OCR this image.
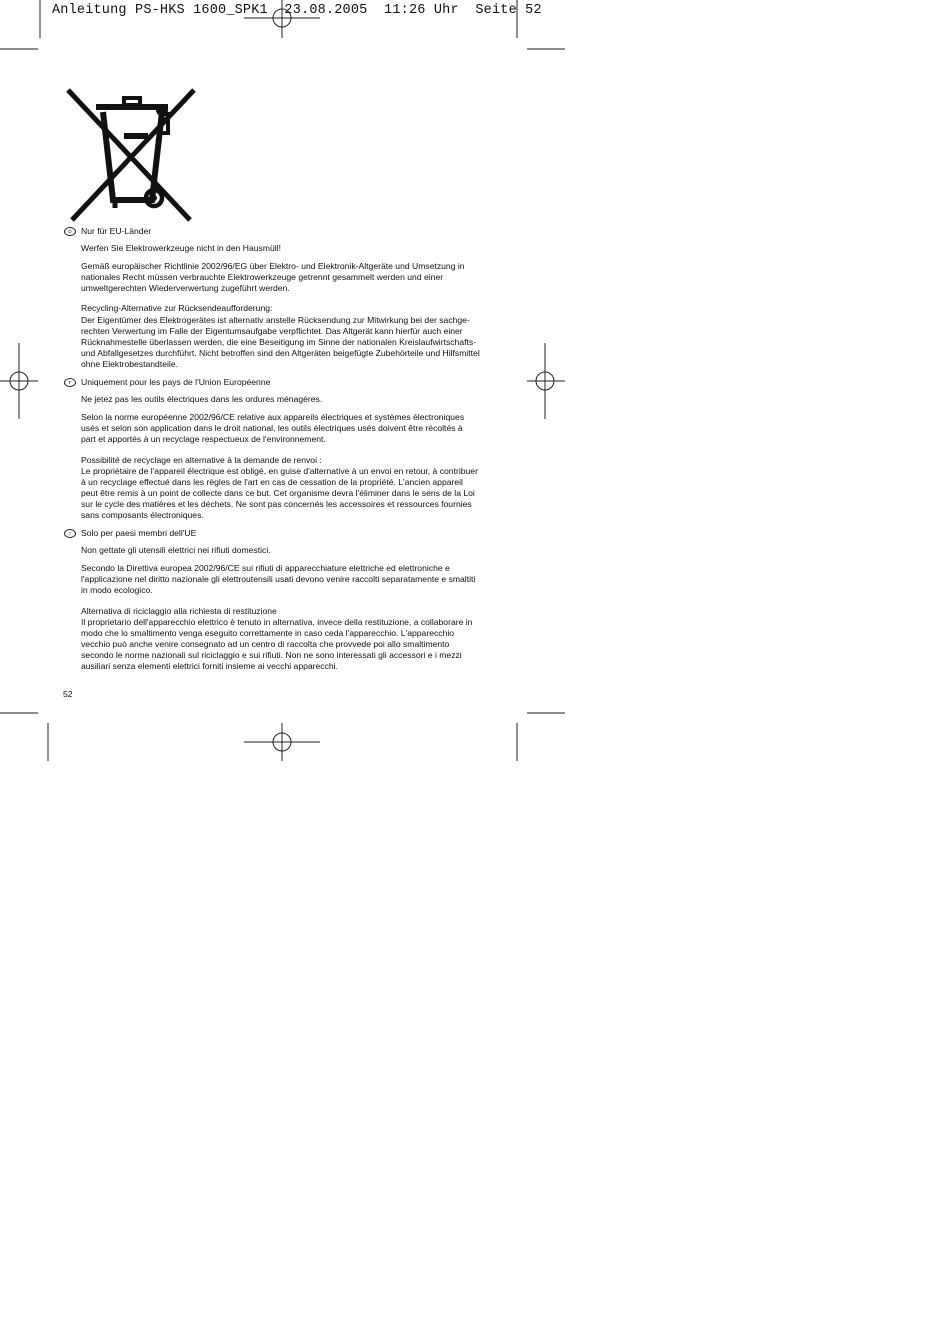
Anleitung PS-HKS 1600_SPK1  23.08.2005  11:26 Uhr  Seite 52
D	Nur für EU-Länder
Werfen Sie Elektrowerkzeuge nicht in den Hausmüll!
Gemäß europäischer Richtlinie 2002/96/EG über Elektro- und Elektronik-Altgeräte und Umsetzung in
nationales Recht müssen verbrauchte Elektrowerkzeuge getrennt gesammelt werden und einer
umweltgerechten Wiederverwertung zugeführt werden.
Recycling-Alternative zur Rücksendeaufforderung:
Der Eigentümer des Elektrogerätes ist alternativ anstelle Rücksendung zur Mitwirkung bei der sachge-
rechten Verwertung im Falle der Eigentumsaufgabe verpflichtet. Das Altgerät kann hierfür auch einer
Rücknahmestelle überlassen werden, die eine Beseitigung im Sinne der nationalen Kreislaufwirtschafts-
und Abfallgesetzes durchführt. Nicht betroffen sind den Altgeräten beigefügte Zubehörteile und Hilfsmittel
ohne Elektrobestandteile.
F	Uniquement pour les pays de l'Union Européenne
Ne jetez pas les outils électriques dans les ordures ménagères.
Selon la norme européenne 2002/96/CE relative aux appareils électriques et systèmes électroniques
usés et selon son application dans le droit national, les outils électriques usés doivent être récoltés à
part et apportés à un recyclage respectueux de l'environnement.
Possibilité de recyclage en alternative à la demande de renvoi :
Le propriétaire de l'appareil électrique est obligé, en guise d'alternative à un envoi en retour, à contribuer
à un recyclage effectué dans les règles de l'art en cas de cessation de la propriété. L'ancien appareil
peut être remis à un point de collecte dans ce but. Cet organisme devra l'éliminer dans le sens de la Loi
sur le cycle des matières et les déchets. Ne sont pas concernés les accessoires et ressources fournies
sans composants électroniques.
I	Solo per paesi membri dell'UE
Non gettate gli utensili elettrici nei rifiuti domestici.
Secondo la Direttiva europea 2002/96/CE sui rifiuti di apparecchiature elettriche ed elettroniche e
l'applicazione nel diritto nazionale gli elettroutensili usati devono venire raccolti separatamente e smaltiti
in modo ecologico.
Alternativa di riciclaggio alla richiesta di restituzione
Il proprietario dell'apparecchio elettrico è tenuto in alternativa, invece della restituzione, a collaborare in
modo che lo smaltimento venga eseguito correttamente in caso ceda l'apparecchio. L'apparecchio
vecchio può anche venire consegnato ad un centro di raccolta che provvede poi allo smaltimento
secondo le norme nazionali sul riciclaggio e sui rifiuti. Non ne sono interessati gli accessori e i mezzi
ausiliari senza elementi elettrici forniti insieme ai vecchi apparecchi.
52
